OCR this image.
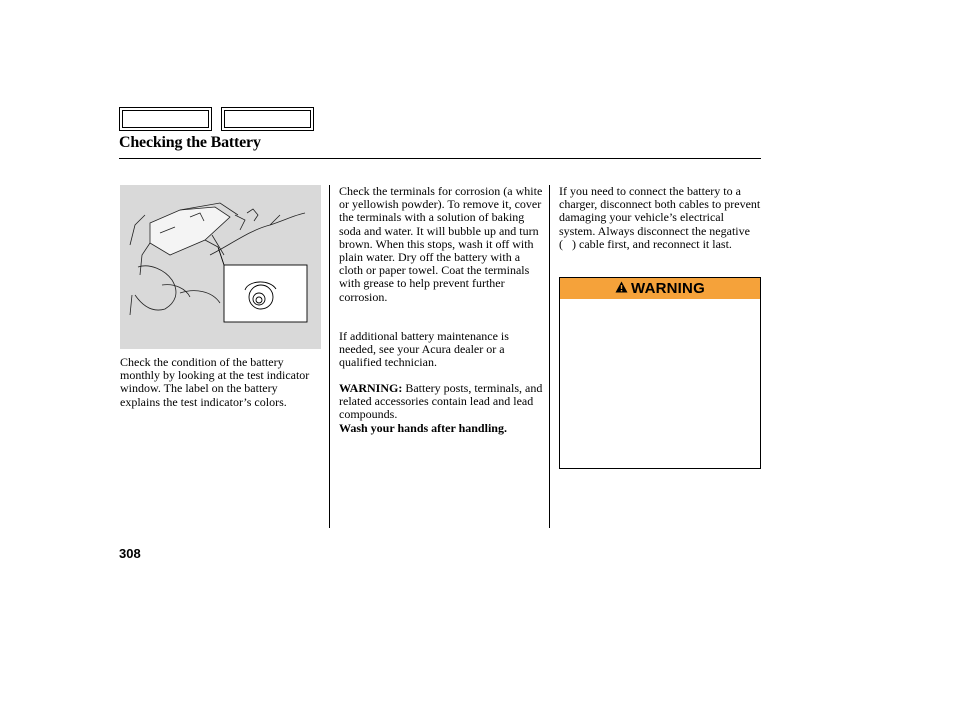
Checking the Battery
Check the condition of the battery monthly by looking at the test indicator window. The label on the battery explains the test indicator’s colors.
Check the terminals for corrosion (a white or yellowish powder). To remove it, cover the terminals with a solution of baking soda and water. It will bubble up and turn brown. When this stops, wash it off with plain water. Dry off the battery with a cloth or paper towel. Coat the terminals with grease to help prevent further corrosion.
If additional battery maintenance is needed, see your Acura dealer or a qualified technician.
WARNING: Battery posts, terminals, and related accessories contain lead and lead compounds.
Wash your hands after handling.
If you need to connect the battery to a charger, disconnect both cables to prevent damaging your vehicle’s electrical system. Always disconnect the negative (   ) cable first, and reconnect it last.
WARNING
308
